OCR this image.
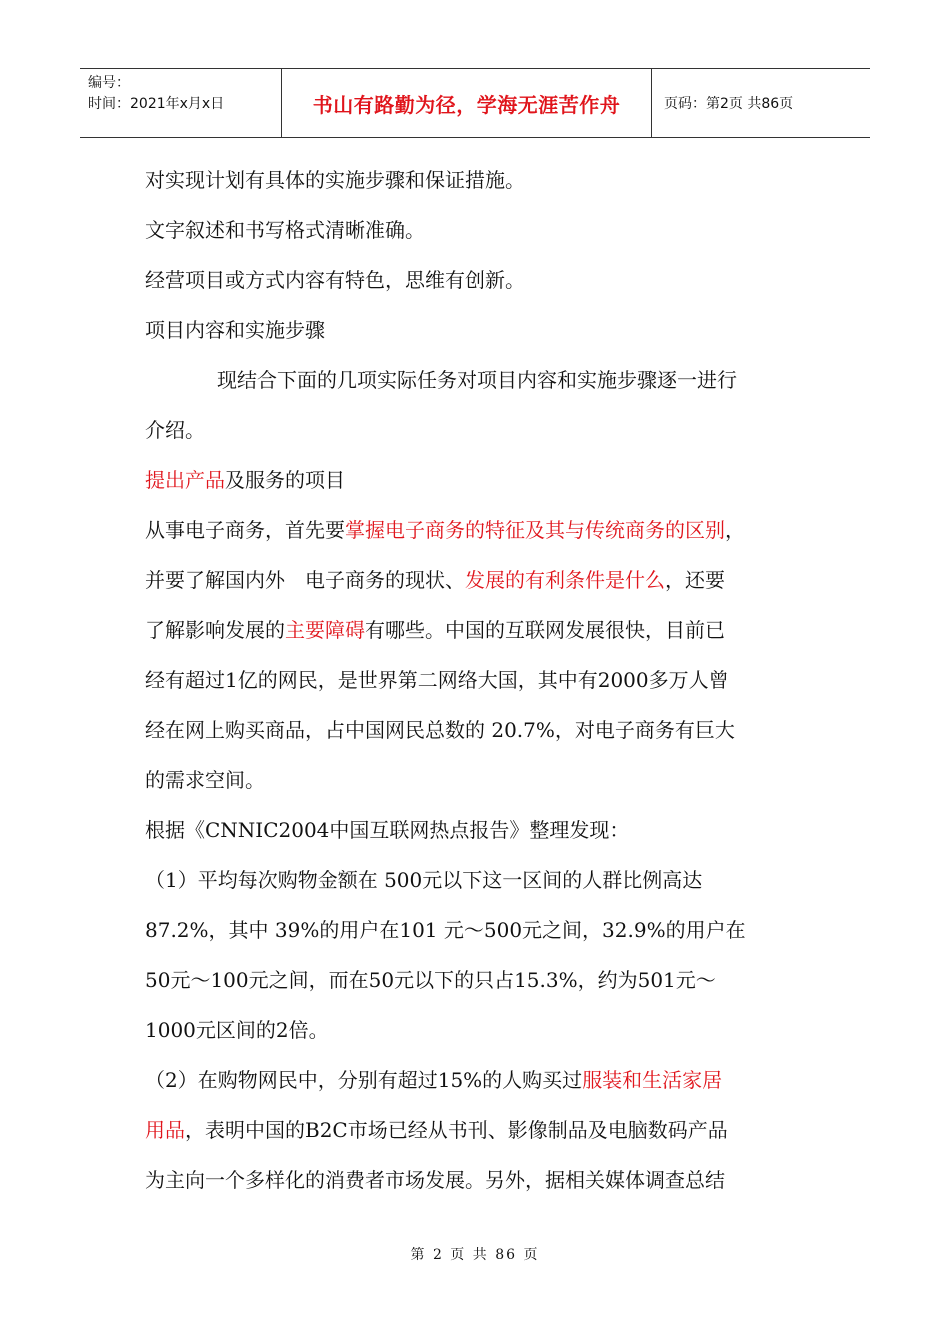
编号：
时间：2021年x月x日	书山有路勤为径，学海无涯苦作舟	页码：第2页 共86页
对实现计划有具体的实施步骤和保证措施。
文字叙述和书写格式清晰准确。
经营项目或方式内容有特色，思维有创新。
项目内容和实施步骤
现结合下面的几项实际任务对项目内容和实施步骤逐一进行
介绍。
提出产品及服务的项目
从事电子商务，首先要掌握电子商务的特征及其与传统商务的区别，
并要了解国内外　电子商务的现状、发展的有利条件是什么，还要
了解影响发展的主要障碍有哪些。中国的互联网发展很快，目前已
经有超过1亿的网民，是世界第二网络大国，其中有2000多万人曾
经在网上购买商品，占中国网民总数的 20.7%，对电子商务有巨大
的需求空间。
根据《CNNIC2004中国互联网热点报告》整理发现：
（1）平均每次购物金额在 500元以下这一区间的人群比例高达
87.2%，其中 39%的用户在101 元～500元之间，32.9%的用户在
50元～100元之间，而在50元以下的只占15.3%，约为501元～
1000元区间的2倍。
（2）在购物网民中，分别有超过15%的人购买过服装和生活家居
用品，表明中国的B2C市场已经从书刊、影像制品及电脑数码产品
为主向一个多样化的消费者市场发展。另外，据相关媒体调查总结
第 2 页 共 86 页
